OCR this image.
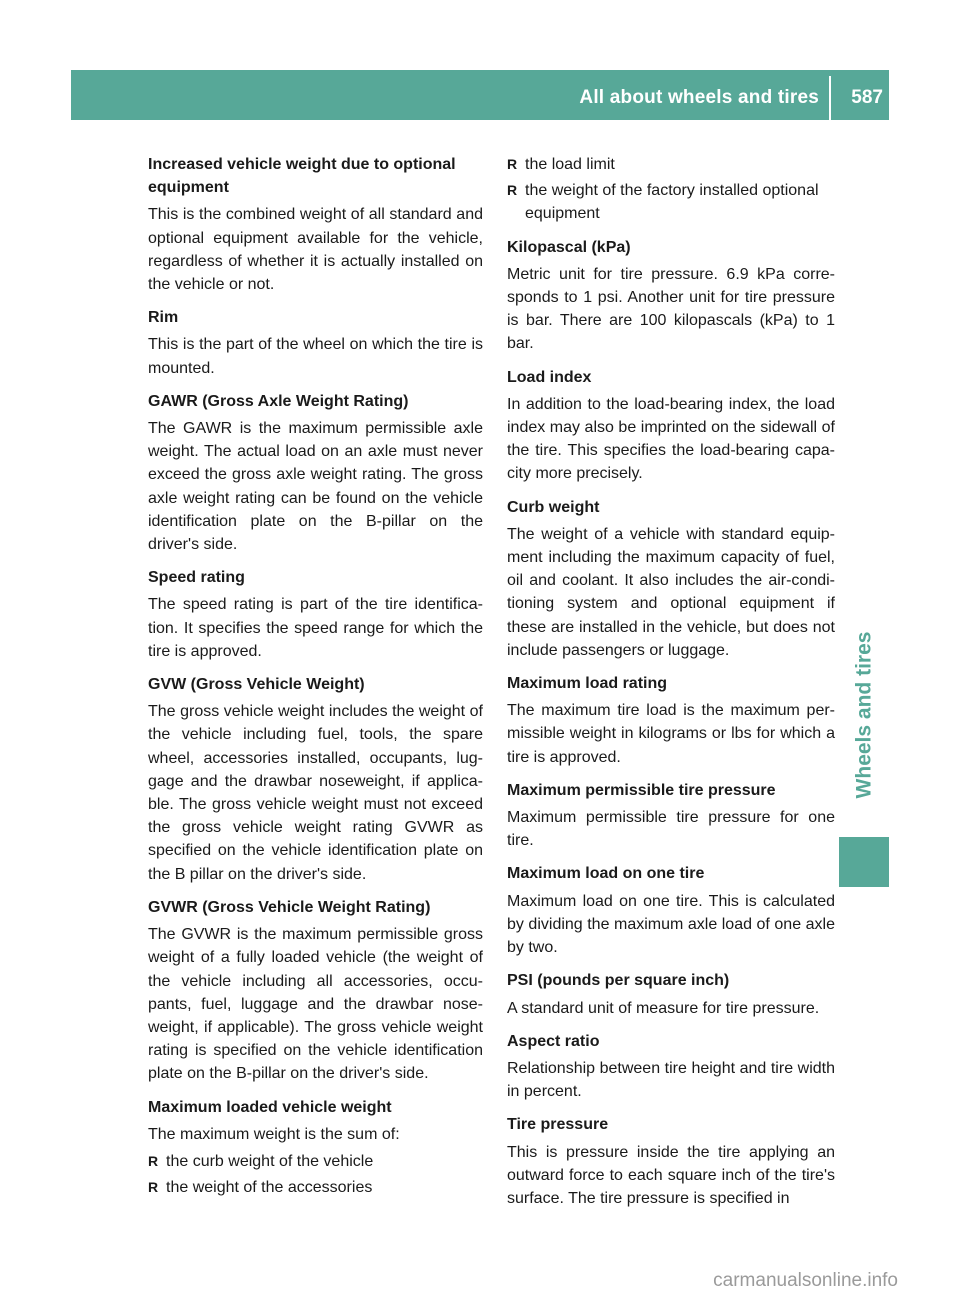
All about wheels and tires 587
Wheels and tires
Increased vehicle weight due to optional equipment

This is the combined weight of all standard and optional equipment available for the vehicle, regardless of whether it is actually installed on the vehicle or not.

Rim

This is the part of the wheel on which the tire is mounted.

GAWR (Gross Axle Weight Rating)

The GAWR is the maximum permissible axle weight. The actual load on an axle must never exceed the gross axle weight rating. The gross axle weight rating can be found on the vehicle identification plate on the B-pillar on the driver's side.

Speed rating

The speed rating is part of the tire identification. It specifies the speed range for which the tire is approved.

GVW (Gross Vehicle Weight)

The gross vehicle weight includes the weight of the vehicle including fuel, tools, the spare wheel, accessories installed, occupants, luggage and the drawbar noseweight, if applicable. The gross vehicle weight must not exceed the gross vehicle weight rating GVWR as specified on the vehicle identification plate on the B pillar on the driver's side.

GVWR (Gross Vehicle Weight Rating)

The GVWR is the maximum permissible gross weight of a fully loaded vehicle (the weight of the vehicle including all accessories, occupants, fuel, luggage and the drawbar noseweight, if applicable). The gross vehicle weight rating is specified on the vehicle identification plate on the B-pillar on the driver's side.

Maximum loaded vehicle weight

The maximum weight is the sum of:

R the curb weight of the vehicle
R the weight of the accessories
R the load limit
R the weight of the factory installed optional equipment
Kilopascal (kPa)

Metric unit for tire pressure. 6.9 kPa corresponds to 1 psi. Another unit for tire pressure is bar. There are 100 kilopascals (kPa) to 1 bar.

Load index

In addition to the load-bearing index, the load index may also be imprinted on the sidewall of the tire. This specifies the load-bearing capacity more precisely.

Curb weight

The weight of a vehicle with standard equipment including the maximum capacity of fuel, oil and coolant. It also includes the air-conditioning system and optional equipment if these are installed in the vehicle, but does not include passengers or luggage.

Maximum load rating

The maximum tire load is the maximum permissible weight in kilograms or lbs for which a tire is approved.

Maximum permissible tire pressure

Maximum permissible tire pressure for one tire.

Maximum load on one tire

Maximum load on one tire. This is calculated by dividing the maximum axle load of one axle by two.

PSI (pounds per square inch)

A standard unit of measure for tire pressure.

Aspect ratio

Relationship between tire height and tire width in percent.

Tire pressure

This is pressure inside the tire applying an outward force to each square inch of the tire's surface. The tire pressure is specified in

carmanualsonline.info
